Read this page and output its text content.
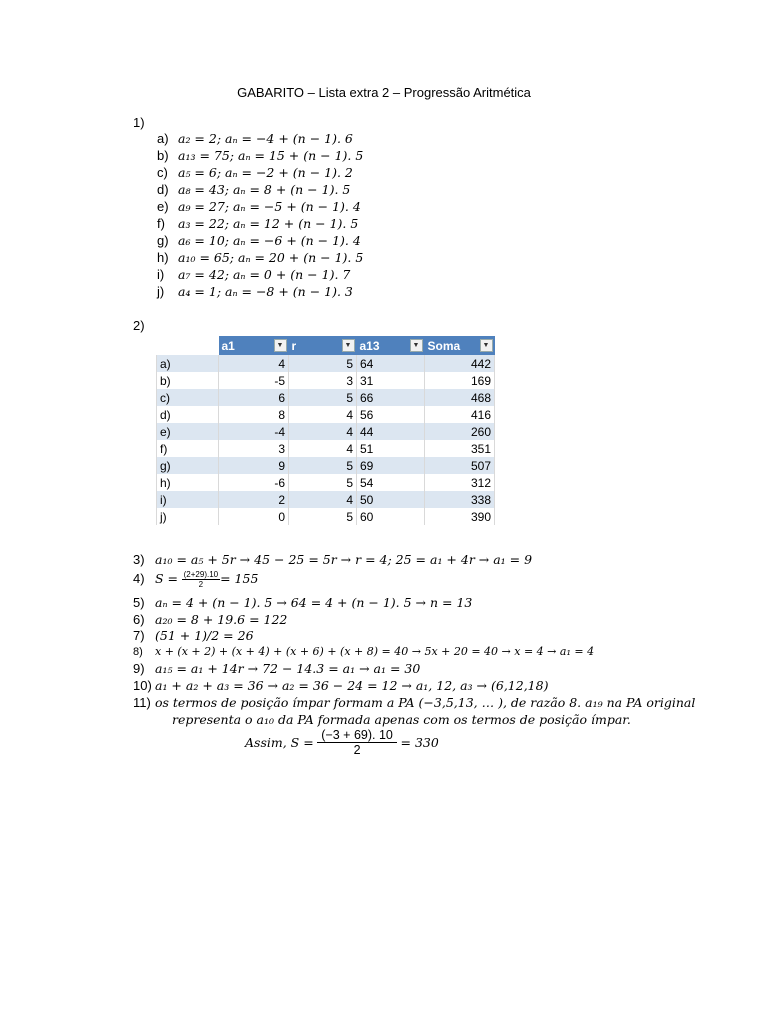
GABARITO – Lista extra 2 – Progressão Aritmética
1)
a) a₂ = 2; aₙ = −4 + (n − 1). 6
b) a₁₃ = 75; aₙ = 15 + (n − 1). 5
c) a₅ = 6; aₙ = −2 + (n − 1). 2
d) a₈ = 43; aₙ = 8 + (n − 1). 5
e) a₉ = 27; aₙ = −5 + (n − 1). 4
f) a₃ = 22; aₙ = 12 + (n − 1). 5
g) a₆ = 10; aₙ = −6 + (n − 1). 4
h) a₁₀ = 65; aₙ = 20 + (n − 1). 5
i) a₇ = 42; aₙ = 0 + (n − 1). 7
j) a₄ = 1; aₙ = −8 + (n − 1). 3
2)
	a1 ▼	r ▼	a13 ▼	Soma ▼

a)	4	5	64	442
b)	-5	3	31	169
c)	6	5	66	468
d)	8	4	56	416
e)	-4	4	44	260
f)	3	4	51	351
g)	9	5	69	507
h)	-6	5	54	312
i)	2	4	50	338
j)	0	5	60	390
3) a₁₀ = a₅ + 5r → 45 − 25 = 5r → r = 4; 25 = a₁ + 4r → a₁ = 9
4) $S = \frac{(2+29).10}{2} = 155$
5) aₙ = 4 + (n − 1). 5 → 64 = 4 + (n − 1). 5 → n = 13
6) a₂₀ = 8 + 19.6 = 122
7) (51 + 1)/2 = 26
8) x + (x + 2) + (x + 4) + (x + 6) + (x + 8) = 40 → 5x + 20 = 40 → x = 4 → a₁ = 4
9) a₁₅ = a₁ + 14r → 72 − 14.3 = a₁ → a₁ = 30
10) a₁ + a₂ + a₃ = 36 → a₂ = 36 − 24 = 12 → a₁, 12, a₃ → (6,12,18)
11) os termos de posição ímpar formam a PA (−3,5,13, … ), de razão 8. a₁₉ na PA original
representa o a₁₀ da PA formada apenas com os termos de posição ímpar.
Assim, $S = \frac{(-3 + 69). 10}{2} = 330$
